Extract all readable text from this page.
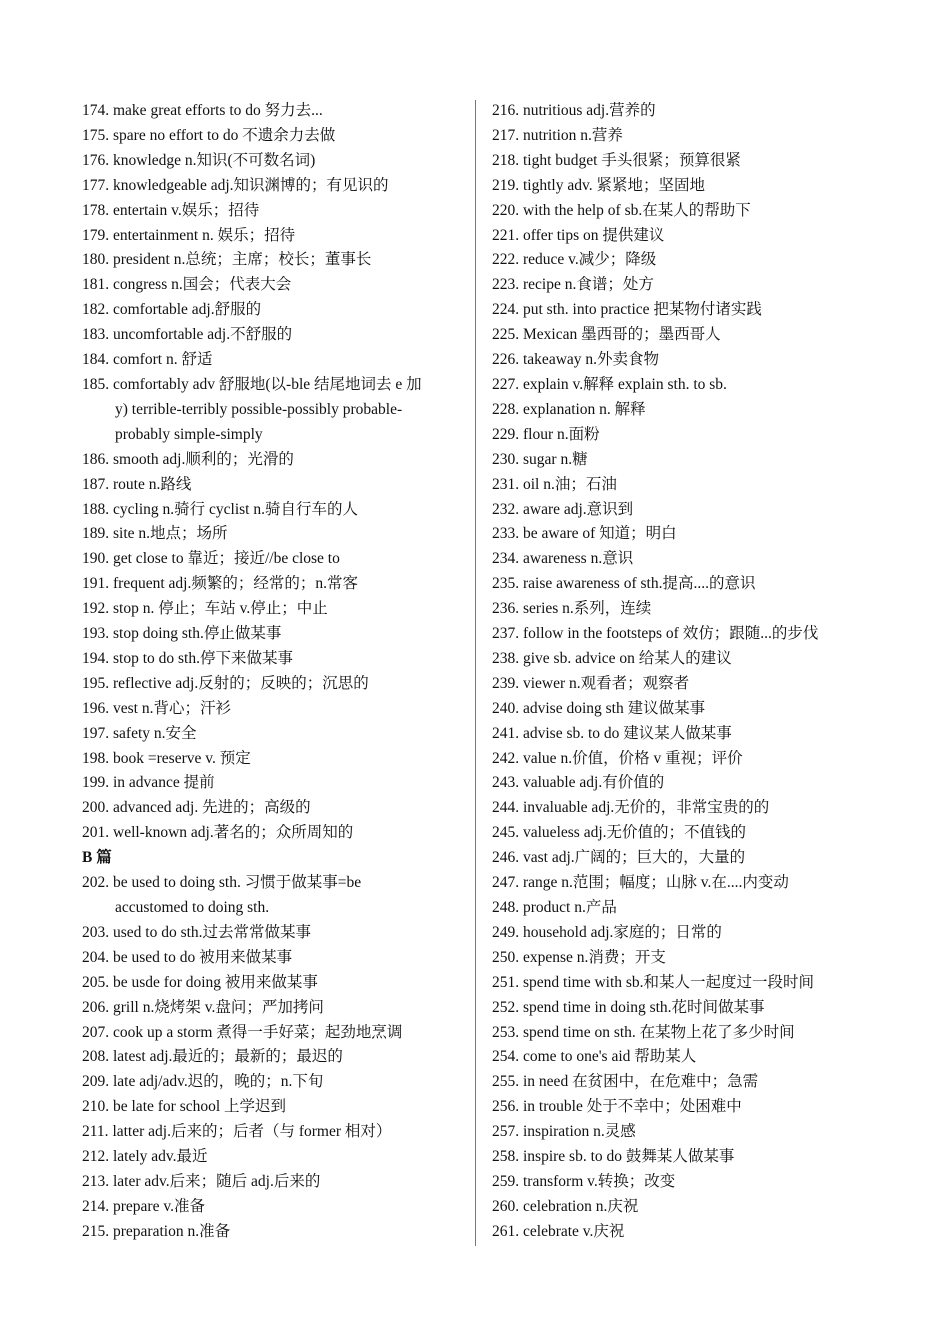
174. make great efforts to do 努力去...
175. spare no effort to do 不遗余力去做
176. knowledge n.知识(不可数名词)
177. knowledgeable adj.知识渊博的；有见识的
178. entertain v.娱乐；招待
179. entertainment n. 娱乐；招待
180. president n.总统；主席；校长；董事长
181. congress n.国会；代表大会
182. comfortable adj.舒服的
183. uncomfortable adj.不舒服的
184. comfort n. 舒适
185. comfortably adv 舒服地(以-ble 结尾地词去 e 加
y) terrible-terribly possible-possibly probable-
probably simple-simply
186. smooth adj.顺利的；光滑的
187. route n.路线
188. cycling n.骑行 cyclist n.骑自行车的人
189. site n.地点；场所
190. get close to 靠近；接近//be close to
191. frequent adj.频繁的；经常的；n.常客
192. stop n. 停止；车站 v.停止；中止
193. stop doing sth.停止做某事
194. stop to do sth.停下来做某事
195. reflective adj.反射的；反映的；沉思的
196. vest n.背心；汗衫
197. safety n.安全
198. book =reserve v. 预定
199. in advance 提前
200. advanced adj. 先进的；高级的
201. well-known adj.著名的；众所周知的
B 篇
202. be used to doing sth. 习惯于做某事=be
accustomed to doing sth.
203. used to do sth.过去常常做某事
204. be used to do 被用来做某事
205. be usde for doing 被用来做某事
206. grill n.烧烤架 v.盘问；严加拷问
207. cook up a storm 煮得一手好菜；起劲地烹调
208. latest adj.最近的；最新的；最迟的
209. late adj/adv.迟的，晚的；n.下旬
210. be late for school 上学迟到
211. latter adj.后来的；后者（与 former 相对）
212. lately adv.最近
213. later adv.后来；随后 adj.后来的
214. prepare v.准备
215. preparation n.准备
216. nutritious adj.营养的
217. nutrition n.营养
218. tight budget 手头很紧；预算很紧
219. tightly adv. 紧紧地；坚固地
220. with the help of sb.在某人的帮助下
221. offer tips on 提供建议
222. reduce v.减少；降级
223. recipe n.食谱；处方
224. put sth. into practice 把某物付诸实践
225. Mexican 墨西哥的；墨西哥人
226. takeaway n.外卖食物
227. explain v.解释 explain sth. to sb.
228. explanation n. 解释
229. flour n.面粉
230. sugar n.糖
231. oil n.油；石油
232. aware adj.意识到
233. be aware of 知道；明白
234. awareness n.意识
235. raise awareness of sth.提高....的意识
236. series n.系列，连续
237. follow in the footsteps of 效仿；跟随...的步伐
238. give sb. advice on 给某人的建议
239. viewer n.观看者；观察者
240. advise doing sth 建议做某事
241. advise sb. to do 建议某人做某事
242. value n.价值，价格 v 重视；评价
243. valuable adj.有价值的
244. invaluable adj.无价的，非常宝贵的的
245. valueless adj.无价值的；不值钱的
246. vast adj.广阔的；巨大的，大量的
247. range n.范围；幅度；山脉 v.在....内变动
248. product n.产品
249. household adj.家庭的；日常的
250. expense n.消费；开支
251. spend time with sb.和某人一起度过一段时间
252. spend time in doing sth.花时间做某事
253. spend time on sth. 在某物上花了多少时间
254. come to one's aid 帮助某人
255. in need 在贫困中，在危难中；急需
256. in trouble 处于不幸中；处困难中
257. inspiration n.灵感
258. inspire sb. to do 鼓舞某人做某事
259. transform v.转换；改变
260. celebration n.庆祝
261. celebrate v.庆祝
